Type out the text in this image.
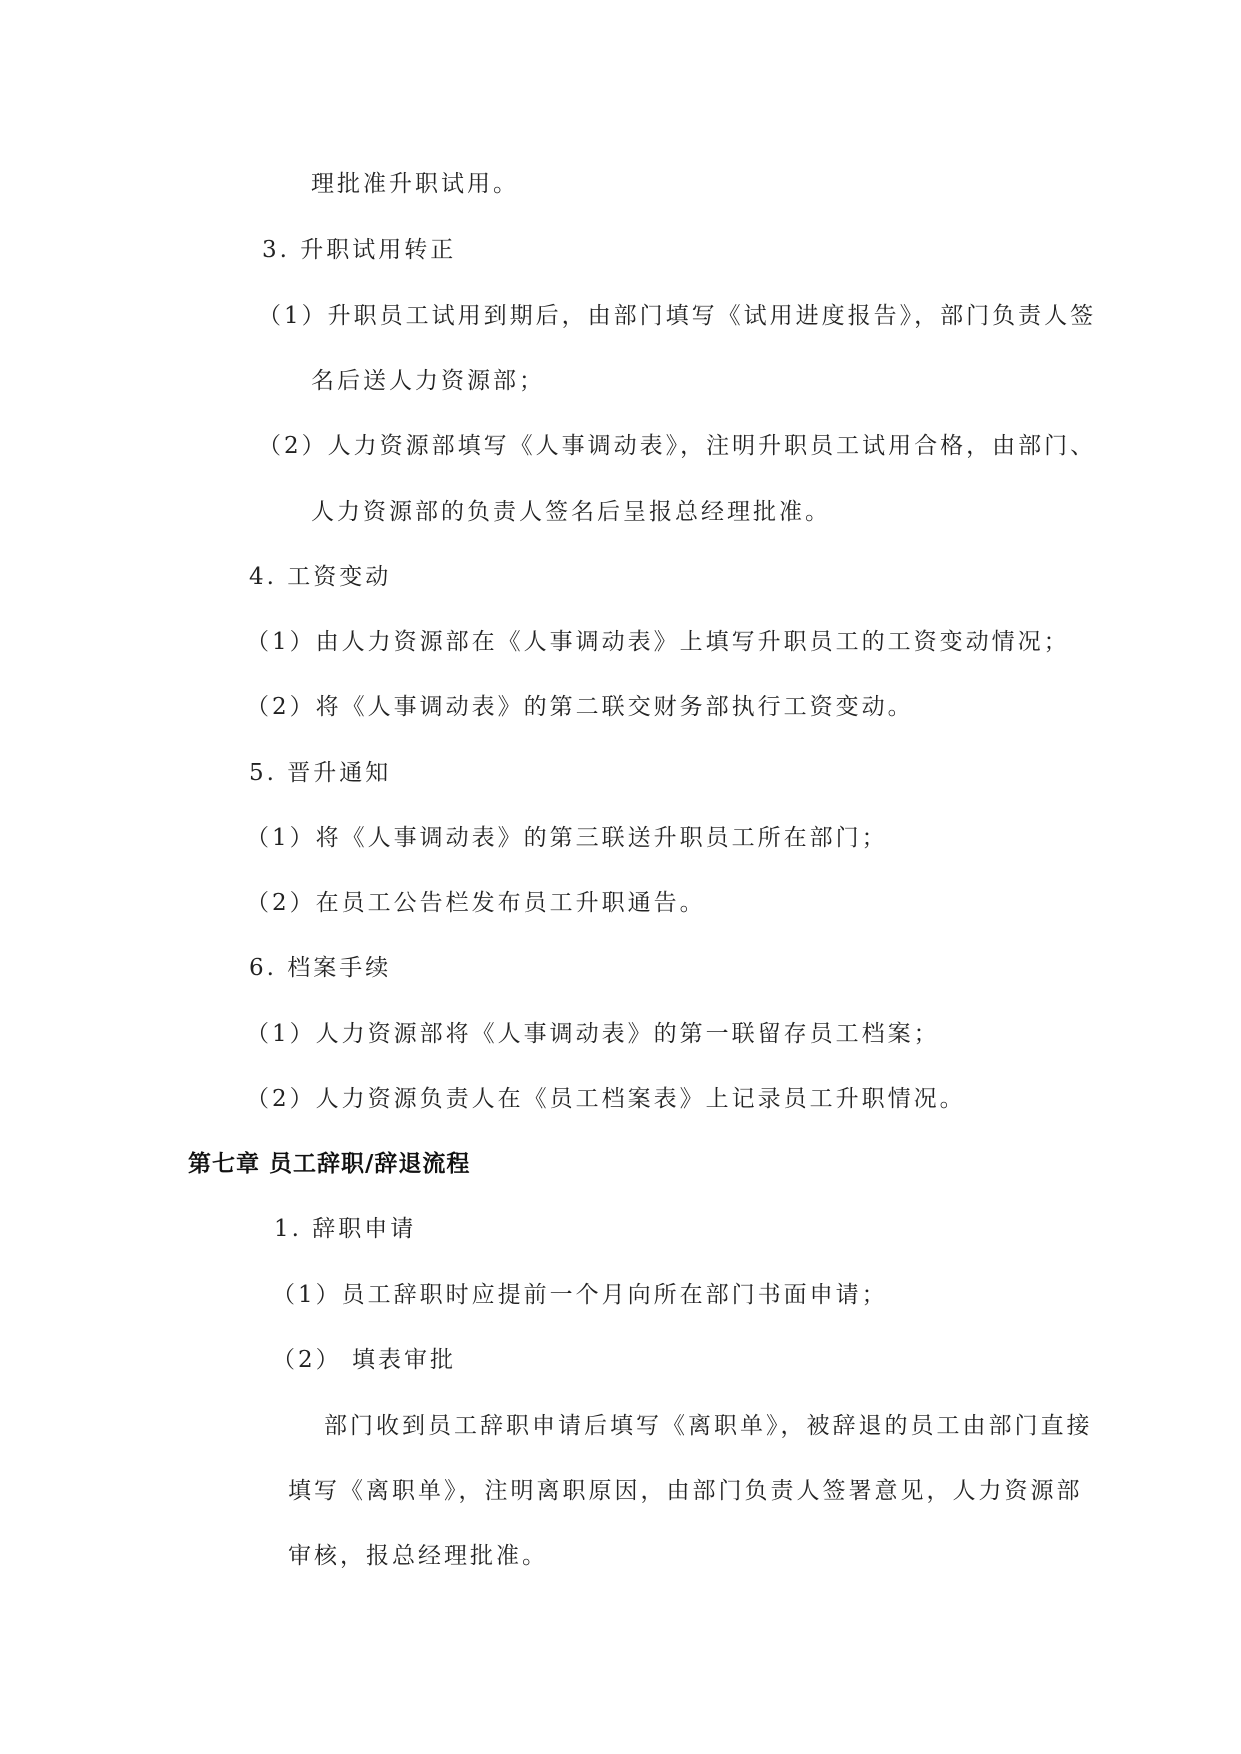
理批准升职试用。
3. 升职试用转正
（1）升职员工试用到期后，由部门填写《试用进度报告》，部门负责人签
名后送人力资源部；
（2）人力资源部填写《人事调动表》，注明升职员工试用合格，由部门、
人力资源部的负责人签名后呈报总经理批准。
4. 工资变动
（1）由人力资源部在《人事调动表》上填写升职员工的工资变动情况；
（2）将《人事调动表》的第二联交财务部执行工资变动。
5. 晋升通知
（1）将《人事调动表》的第三联送升职员工所在部门；
（2）在员工公告栏发布员工升职通告。
6. 档案手续
（1）人力资源部将《人事调动表》的第一联留存员工档案；
（2）人力资源负责人在《员工档案表》上记录员工升职情况。
第七章 员工辞职/辞退流程
1. 辞职申请
（1）员工辞职时应提前一个月向所在部门书面申请；
（2） 填表审批
部门收到员工辞职申请后填写《离职单》，被辞退的员工由部门直接
填写《离职单》，注明离职原因，由部门负责人签署意见，人力资源部
审核，报总经理批准。
